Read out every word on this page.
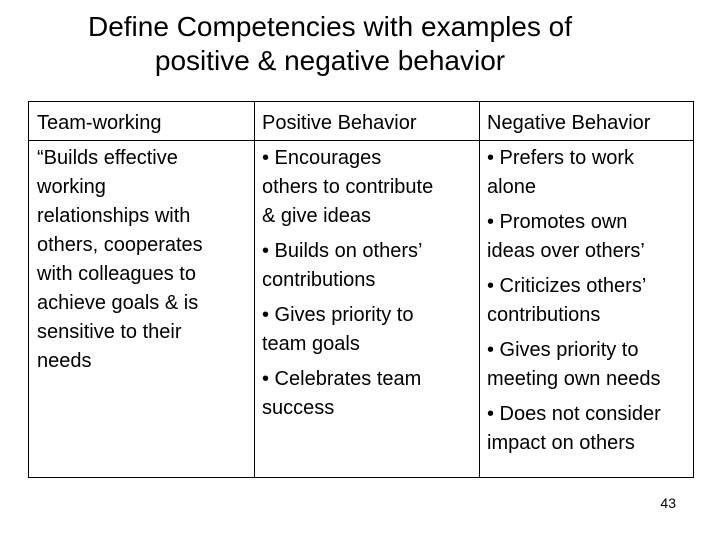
Define Competencies with examples of
positive & negative behavior
Team-working	Positive Behavior	Negative Behavior
“Builds effective
working
relationships with
others, cooperates
with colleagues to
achieve goals & is
sensitive to their
needs
• Encourages
others to contribute
& give ideas
• Builds on others’
contributions
• Gives priority to
team goals
• Celebrates team
success
• Prefers to work
alone
• Promotes own
ideas over others’
• Criticizes others’
contributions
• Gives priority to
meeting own needs
• Does not consider
impact on others
43
